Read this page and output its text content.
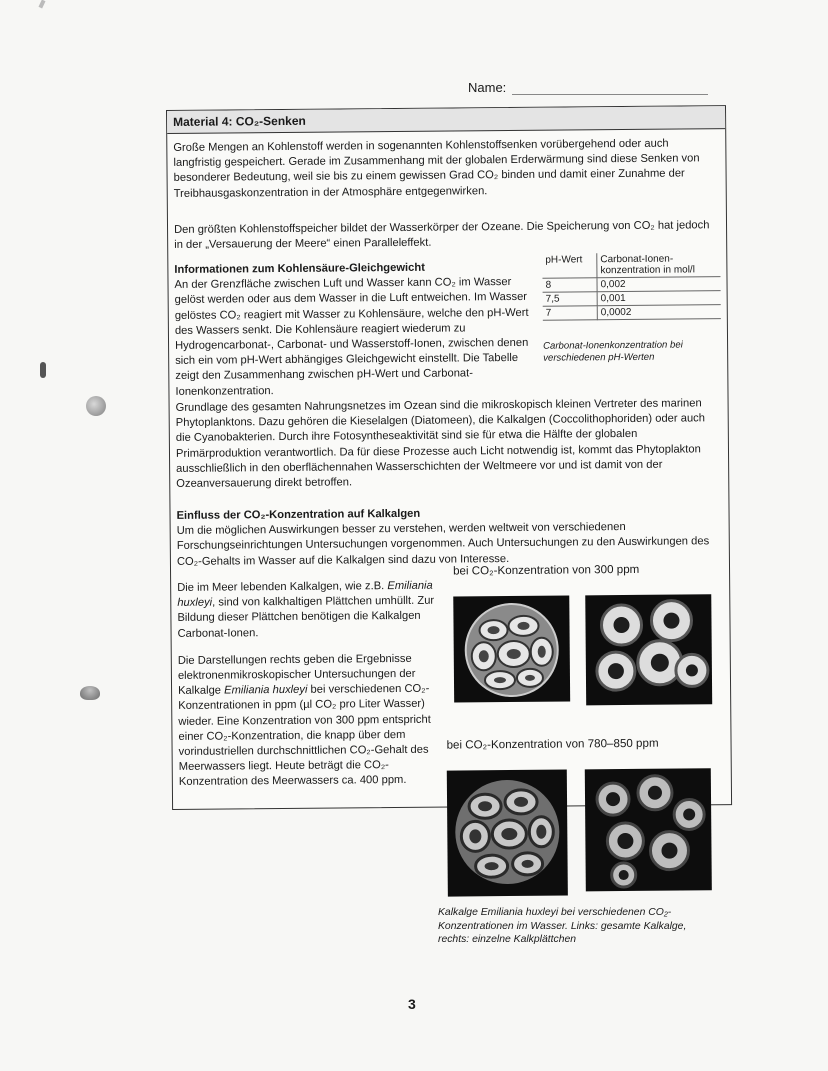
Name:
Material 4: CO₂-Senken

Große Mengen an Kohlenstoff werden in sogenannten Kohlenstoffsenken vorübergehend oder auch langfristig gespeichert. Gerade im Zusammenhang mit der globalen Erderwärmung sind diese Senken von besonderer Bedeutung, weil sie bis zu einem gewissen Grad CO₂ binden und damit einer Zunahme der Treibhausgaskonzentration in der Atmosphäre entgegenwirken.

Den größten Kohlenstoffspeicher bildet der Wasserkörper der Ozeane. Die Speicherung von CO₂ hat jedoch in der „Versauerung der Meere“ einen Paralleleffekt.

Informationen zum Kohlensäure-Gleichgewicht

An der Grenzfläche zwischen Luft und Wasser kann CO₂ im Wasser gelöst werden oder aus dem Wasser in die Luft entweichen. Im Wasser gelöstes CO₂ reagiert mit Wasser zu Kohlensäure, welche den pH-Wert des Wassers senkt. Die Kohlensäure reagiert wiederum zu Hydrogencarbonat-, Carbonat- und Wasserstoff-Ionen, zwischen denen sich ein vom pH-Wert abhängiges Gleichgewicht einstellt. Die Tabelle zeigt den Zusammenhang zwischen pH-Wert und Carbonat-Ionenkonzentration.

pH-Wert	Carbonat-Ionen-konzentration in mol/l
8	0,002
7,5	0,001
7	0,0002
Carbonat-Ionenkonzentration bei verschiedenen pH-Werten

Grundlage des gesamten Nahrungsnetzes im Ozean sind die mikroskopisch kleinen Vertreter des marinen Phytoplanktons. Dazu gehören die Kieselalgen (Diatomeen), die Kalkalgen (Coccolithophoriden) oder auch die Cyanobakterien. Durch ihre Fotosyntheseaktivität sind sie für etwa die Hälfte der globalen Primärproduktion verantwortlich. Da für diese Prozesse auch Licht notwendig ist, kommt das Phytoplakton ausschließlich in den oberflächennahen Wasserschichten der Weltmeere vor und ist damit von der Ozeanversauerung direkt betroffen.

Einfluss der CO₂-Konzentration auf Kalkalgen

Um die möglichen Auswirkungen besser zu verstehen, werden weltweit von verschiedenen Forschungseinrichtungen Untersuchungen vorgenommen. Auch Untersuchungen zu den Auswirkungen des CO₂-Gehalts im Wasser auf die Kalkalgen sind dazu von Interesse.

Die im Meer lebenden Kalkalgen, wie z.B. Emiliania huxleyi, sind von kalkhaltigen Plättchen umhüllt. Zur Bildung dieser Plättchen benötigen die Kalkalgen Carbonat-Ionen.

Die Darstellungen rechts geben die Ergebnisse elektronenmikroskopischer Untersuchungen der Kalkalge Emiliania huxleyi bei verschiedenen CO₂-Konzentrationen in ppm (µl CO₂ pro Liter Wasser) wieder. Eine Konzentration von 300 ppm entspricht einer CO₂-Konzentration, die knapp über dem vorindustriellen durchschnittlichen CO₂-Gehalt des Meerwassers liegt. Heute beträgt die CO₂-Konzentration des Meerwassers ca. 400 ppm.

bei CO₂-Konzentration von 300 ppm
bei CO₂-Konzentration von 780–850 ppm
Kalkalge Emiliania huxleyi bei verschiedenen CO₂-Konzentrationen im Wasser. Links: gesamte Kalkalge, rechts: einzelne Kalkplättchen
3
